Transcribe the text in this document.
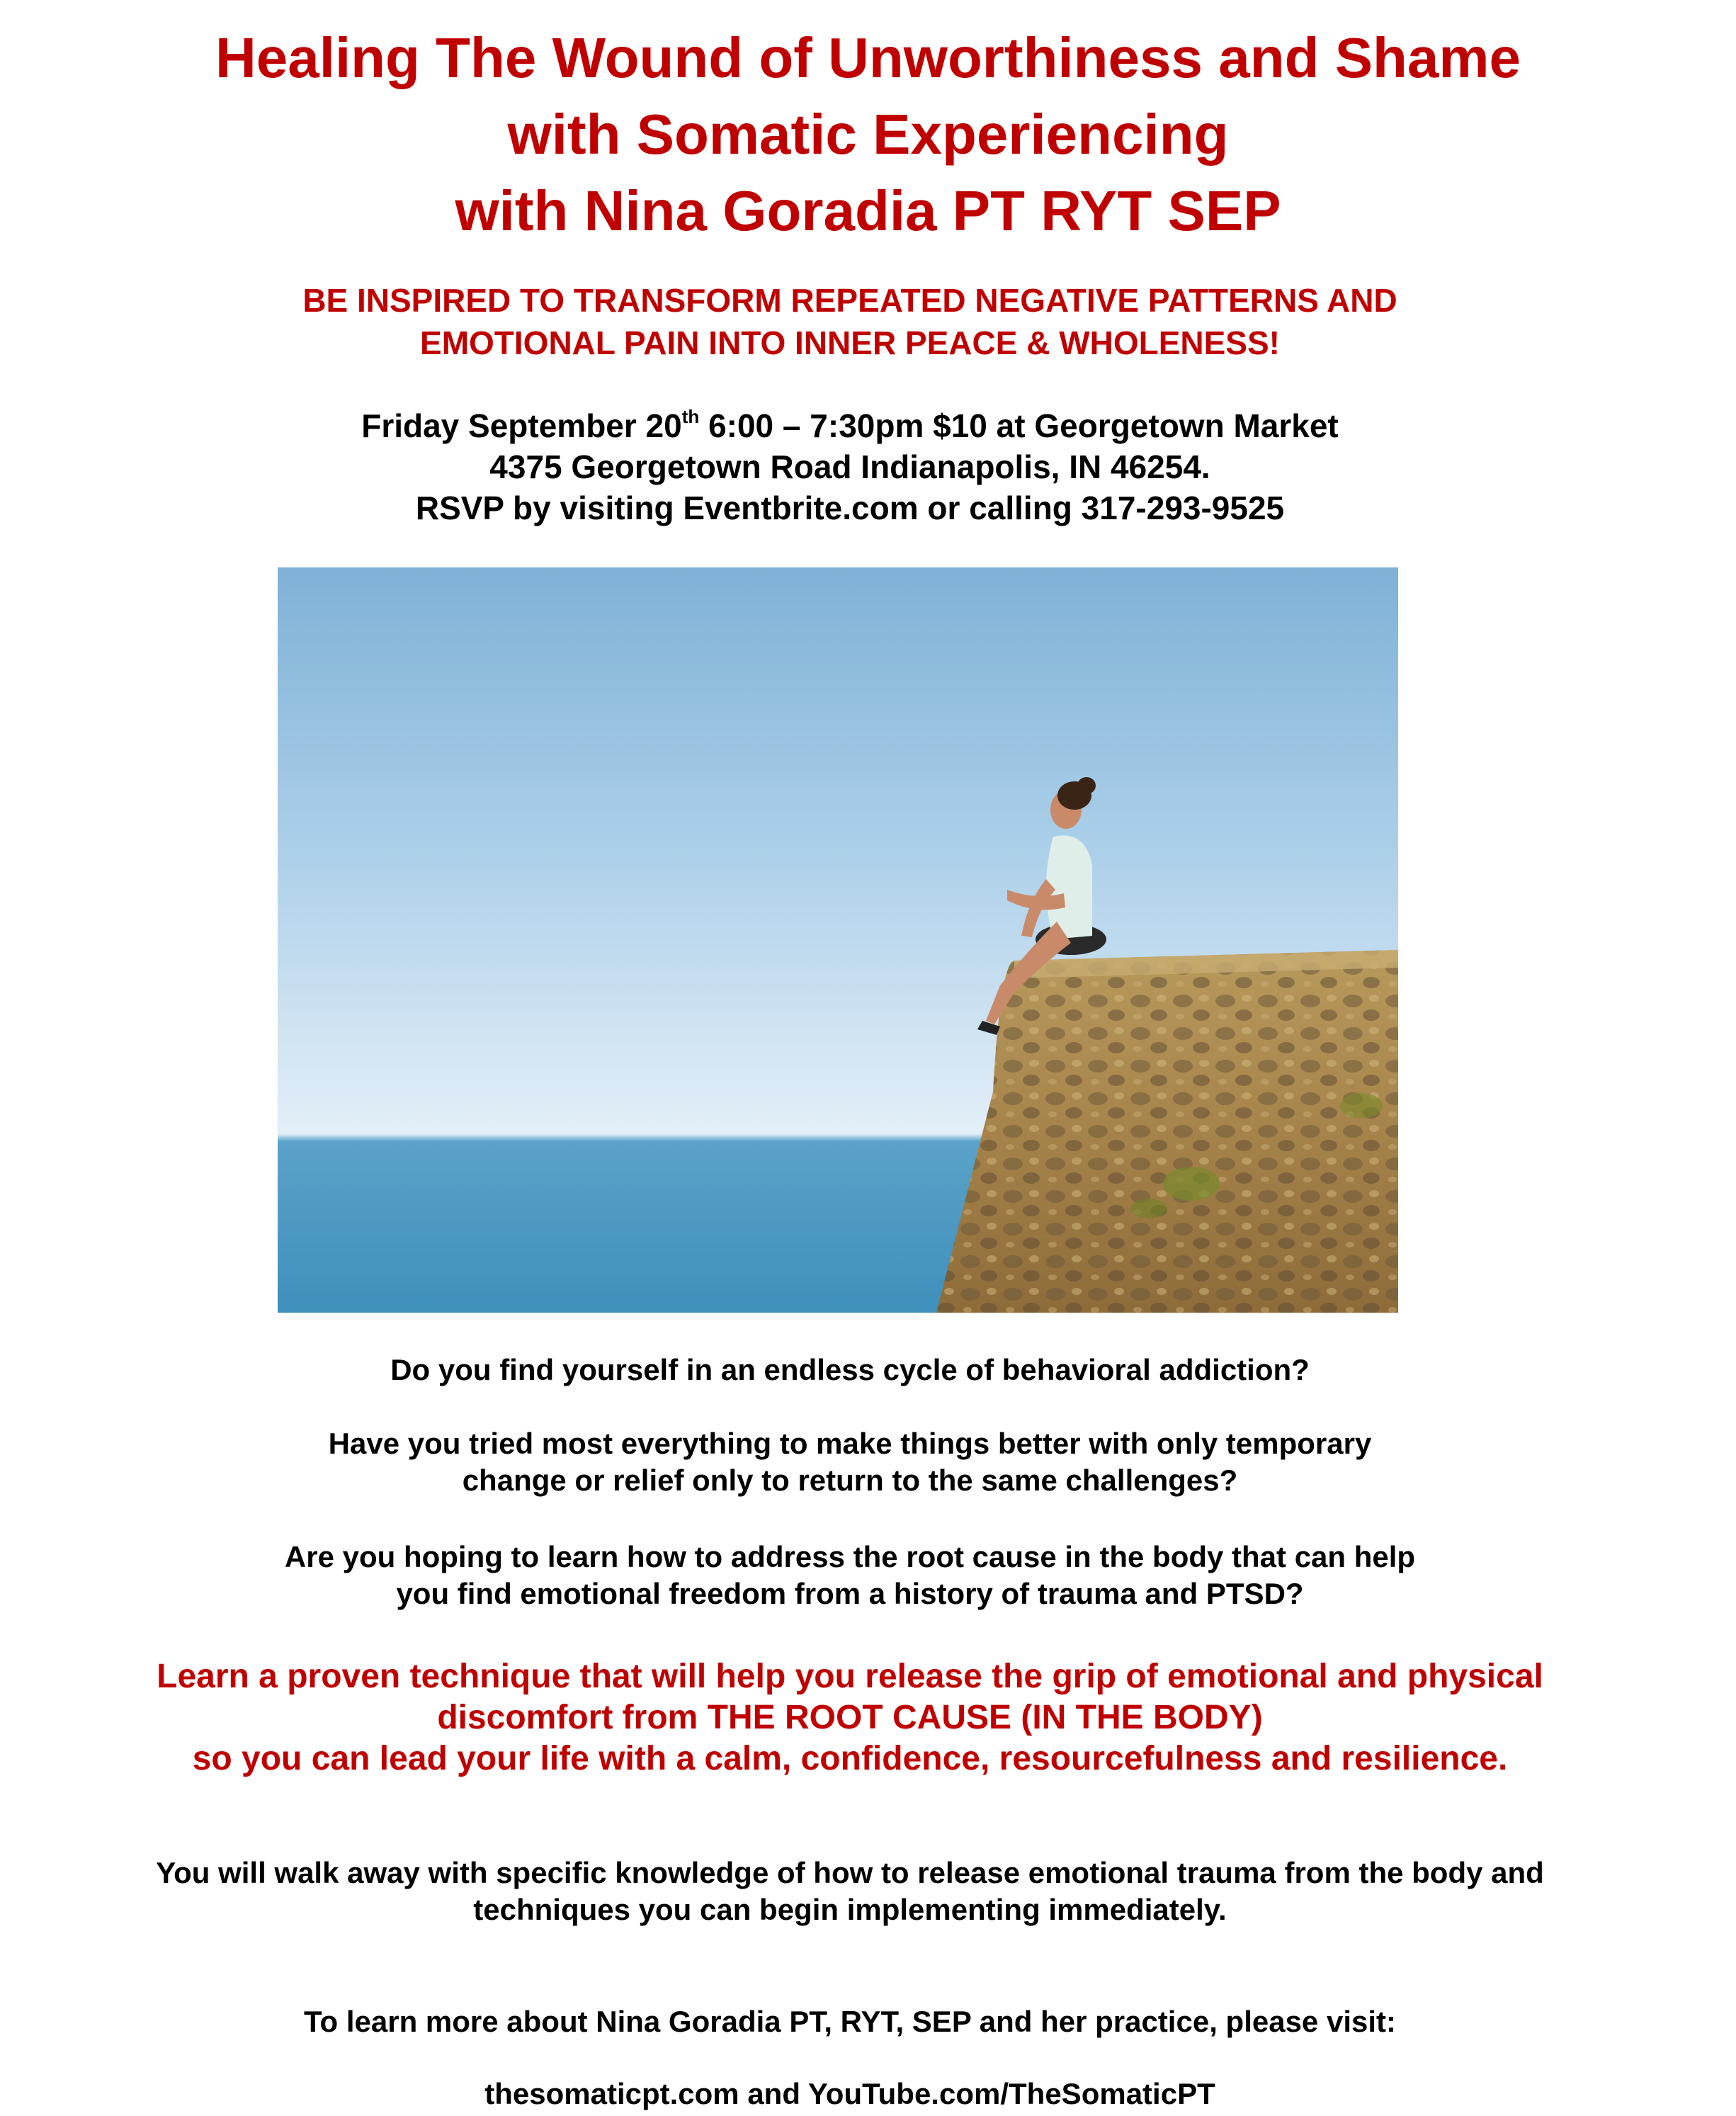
Healing The Wound of Unworthiness and Shame
with Somatic Experiencing
with Nina Goradia PT RYT SEP
BE INSPIRED TO TRANSFORM REPEATED NEGATIVE PATTERNS AND
EMOTIONAL PAIN INTO INNER PEACE & WHOLENESS!
Friday September 20th 6:00 – 7:30pm $10 at Georgetown Market
4375 Georgetown Road Indianapolis, IN 46254.
RSVP by visiting Eventbrite.com or calling 317-293-9525
Do you find yourself in an endless cycle of behavioral addiction?
Have you tried most everything to make things better with only temporary
change or relief only to return to the same challenges?
Are you hoping to learn how to address the root cause in the body that can help
you find emotional freedom from a history of trauma and PTSD?
Learn a proven technique that will help you release the grip of emotional and physical
discomfort from THE ROOT CAUSE (IN THE BODY)
so you can lead your life with a calm, confidence, resourcefulness and resilience.
You will walk away with specific knowledge of how to release emotional trauma from the body and
techniques you can begin implementing immediately.
To learn more about Nina Goradia PT, RYT, SEP and her practice, please visit:
thesomaticpt.com and YouTube.com/TheSomaticPT
